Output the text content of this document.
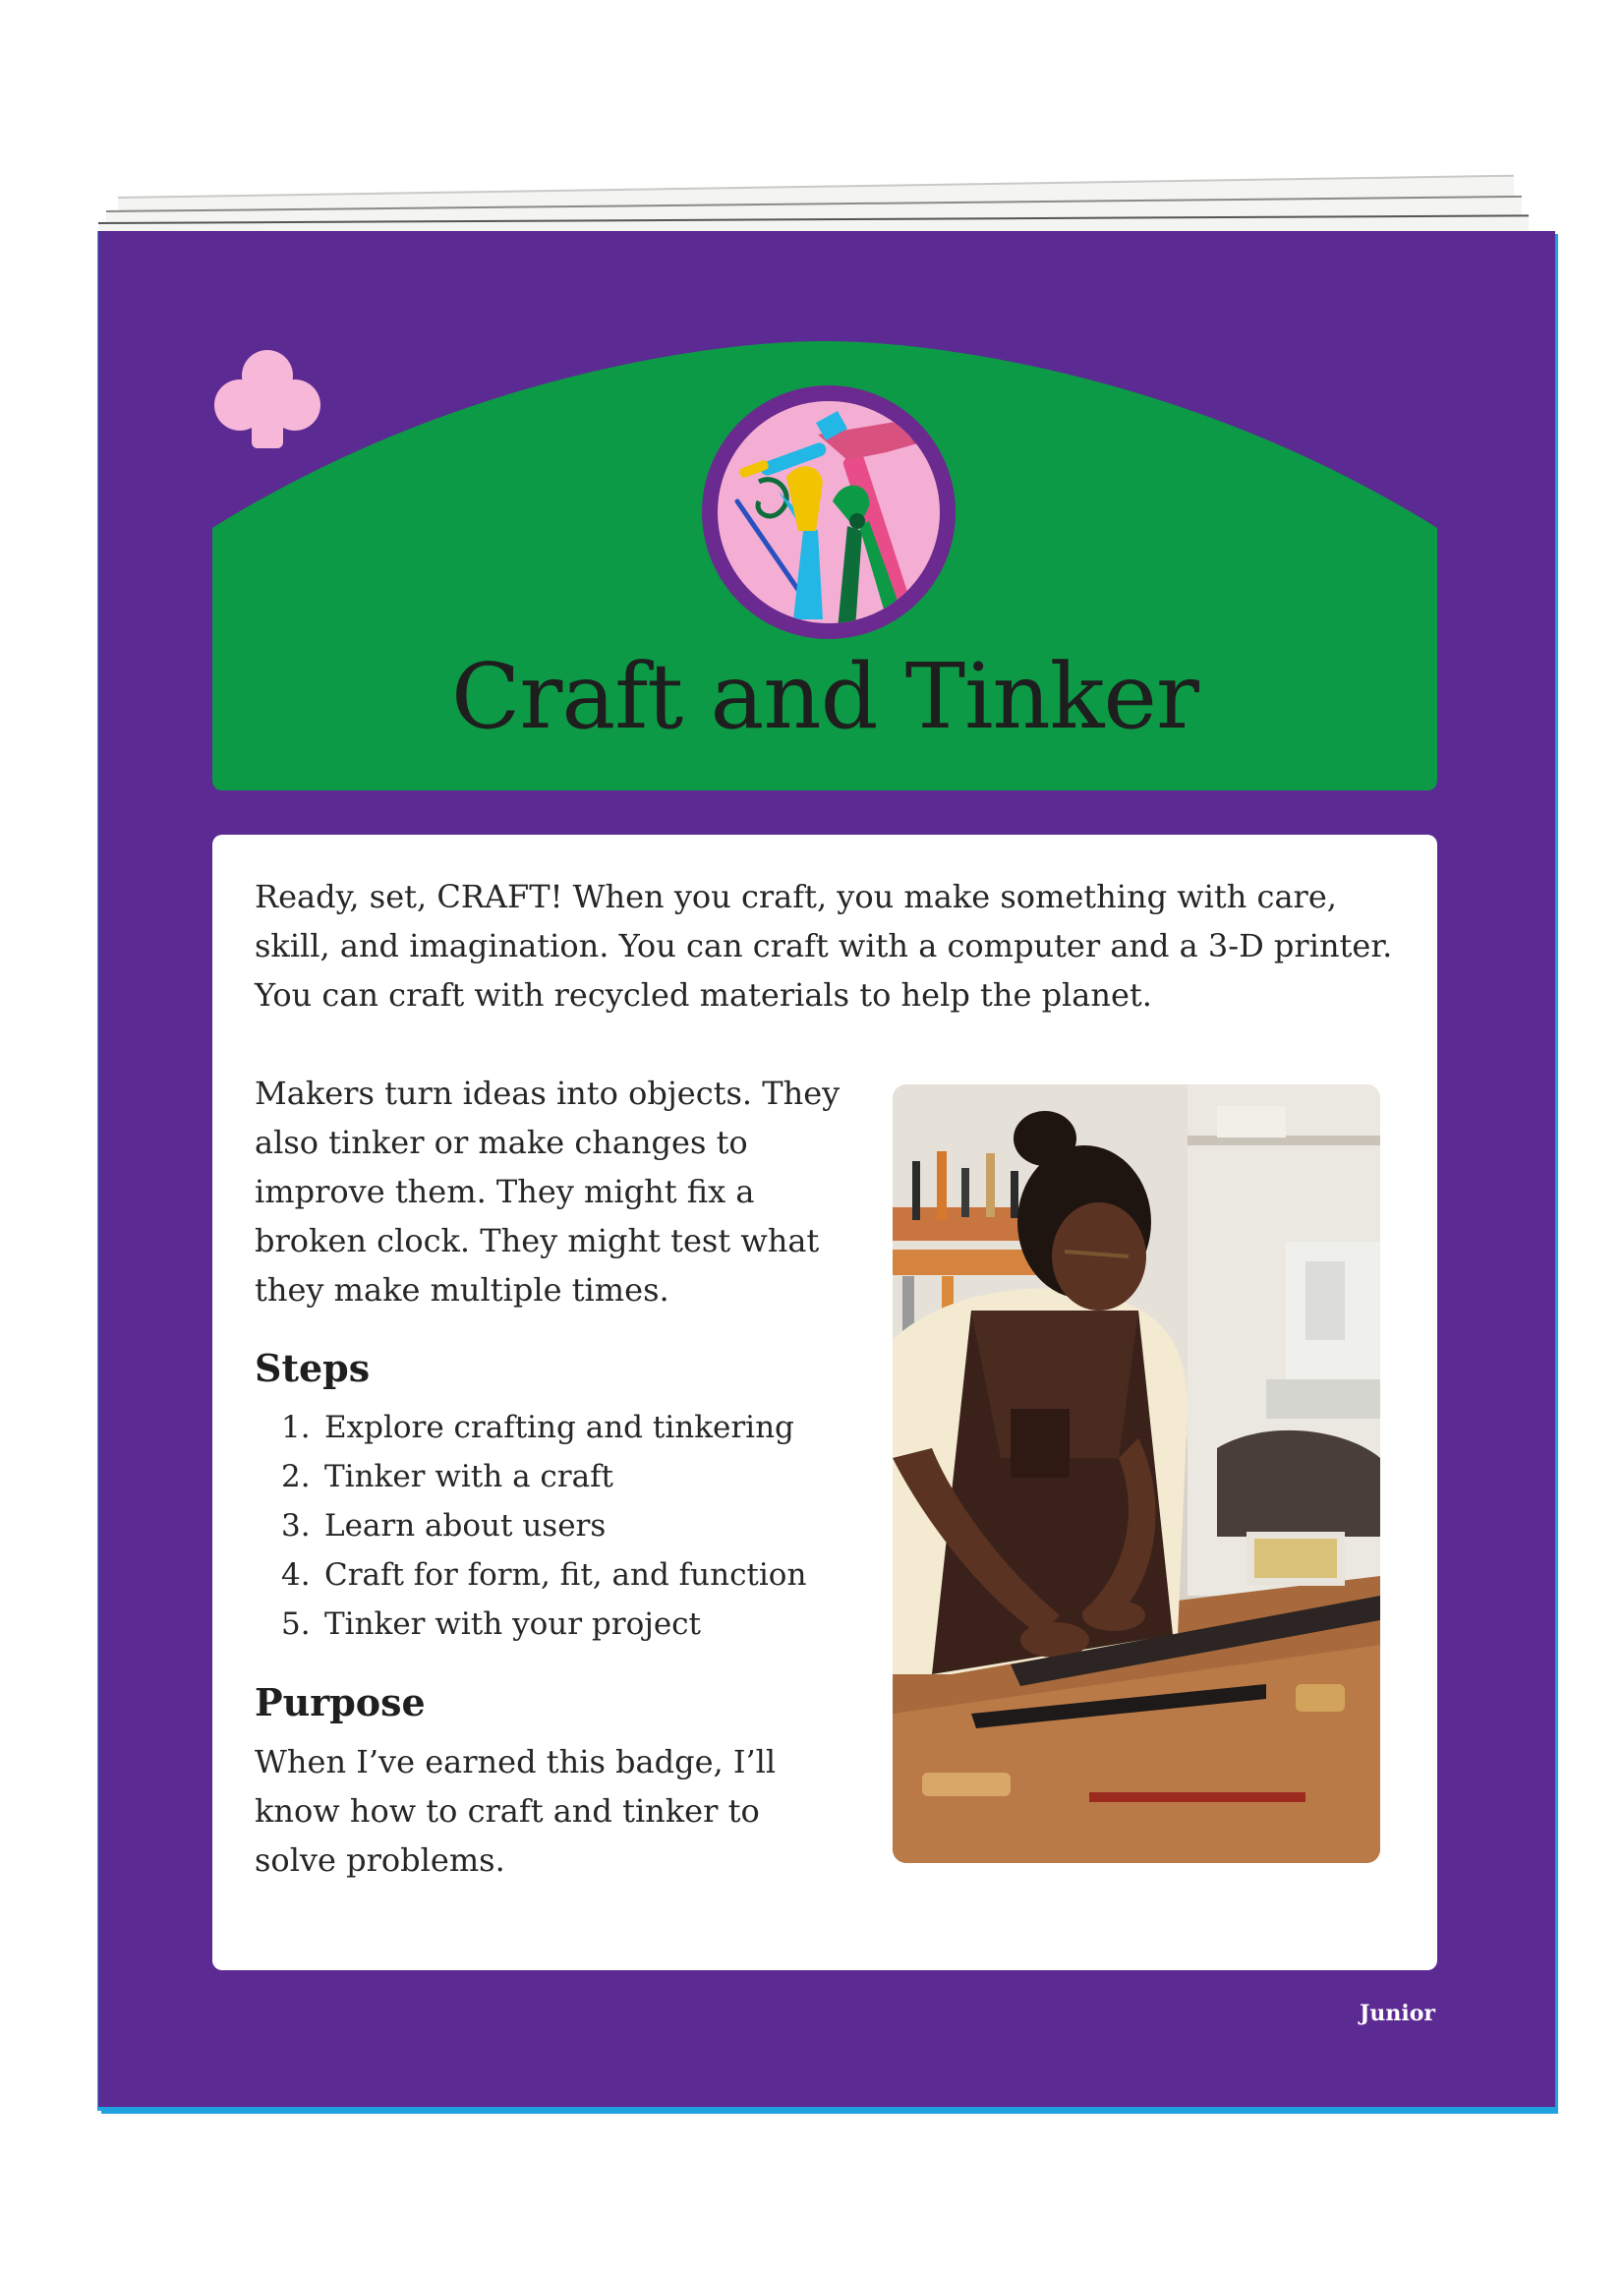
Craft and Tinker

Ready, set, CRAFT! When you craft, you make something with care, skill, and imagination. You can craft with a computer and a 3-D printer. You can craft with recycled materials to help the planet.

Makers turn ideas into objects. They also tinker or make changes to improve them. They might fix a broken clock. They might test what they make multiple times.

Steps
1. Explore crafting and tinkering
2. Tinker with a craft
3. Learn about users
4. Craft for form, fit, and function
5. Tinker with your project
Purpose

When I’ve earned this badge, I’ll know how to craft and tinker to solve problems.

Junior
